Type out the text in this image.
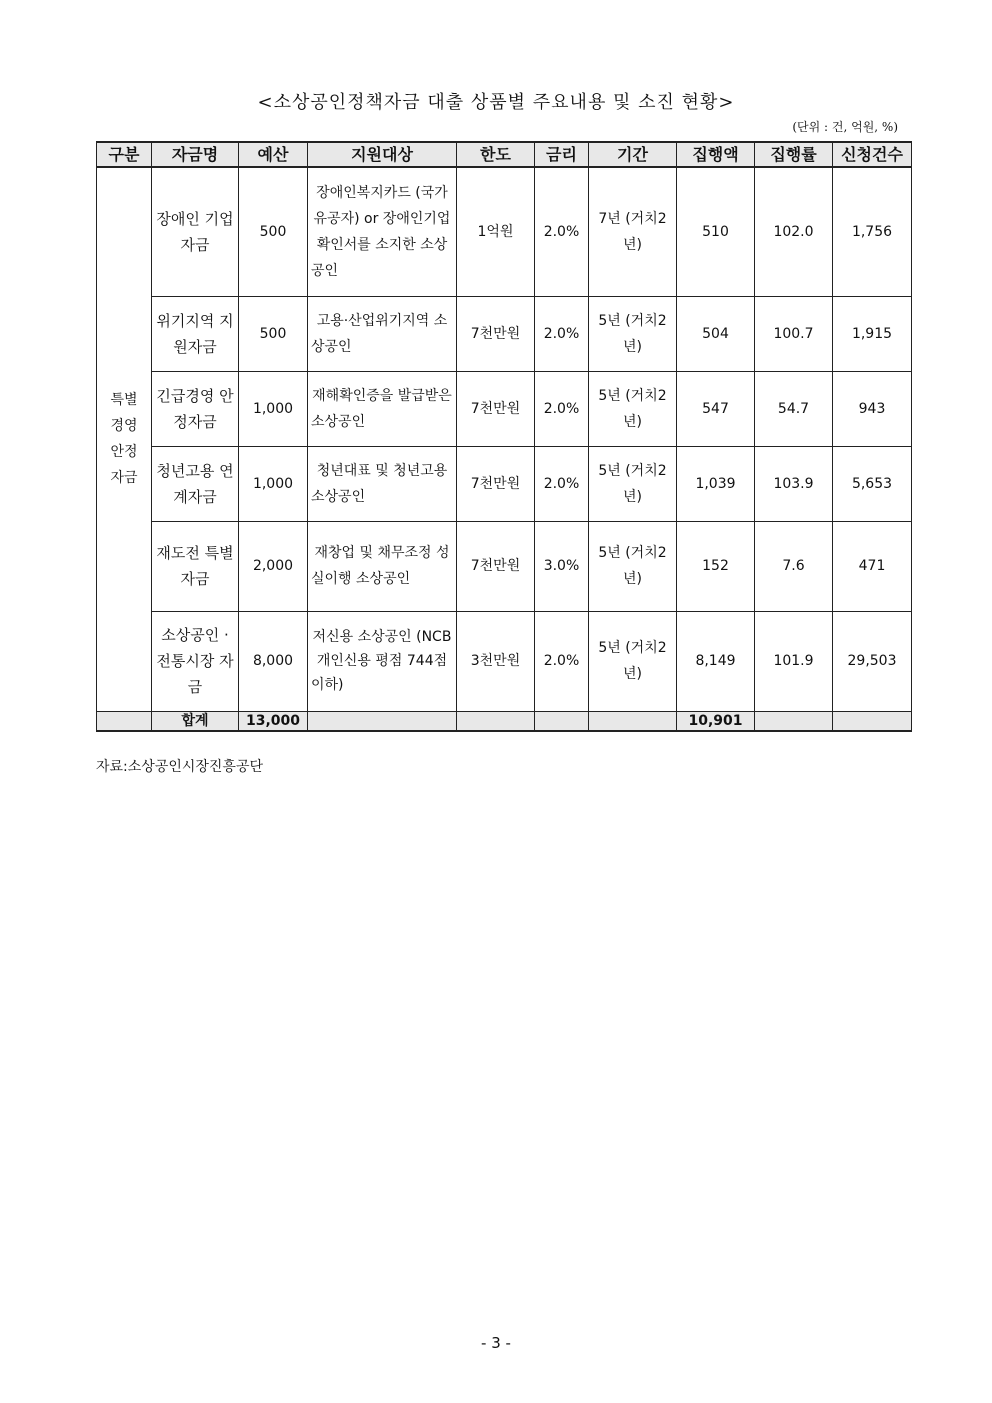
<소상공인정책자금 대출 상품별 주요내용 및 소진 현황>
(단위 : 건, 억원, %)
구분	자금명	예산	지원대상	한도	금리	기간	집행액	집행률	신청건수
특별경영안정자금	장애인 기업자금	500	장애인복지카드 (국가유공자) or 장애인기업확인서를 소지한 소상공인	1억원	2.0%	7년 (거치2년)	510	102.0	1,756
	위기지역 지원자금	500	고용·산업위기지역 소상공인	7천만원	2.0%	5년 (거치2년)	504	100.7	1,915
	긴급경영 안정자금	1,000	재해확인증을 발급받은 소상공인	7천만원	2.0%	5년 (거치2년)	547	54.7	943
	청년고용 연계자금	1,000	청년대표 및 청년고용 소상공인	7천만원	2.0%	5년 (거치2년)	1,039	103.9	5,653
	재도전 특별자금	2,000	재창업 및 채무조정 성실이행 소상공인	7천만원	3.0%	5년 (거치2년)	152	7.6	471
	소상공인 · 전통시장 자금	8,000	저신용 소상공인 (NCB 개인신용 평점 744점 이하)	3천만원	2.0%	5년 (거치2년)	8,149	101.9	29,503
	합계	13,000					10,901		
자료:소상공인시장진흥공단
- 3 -
